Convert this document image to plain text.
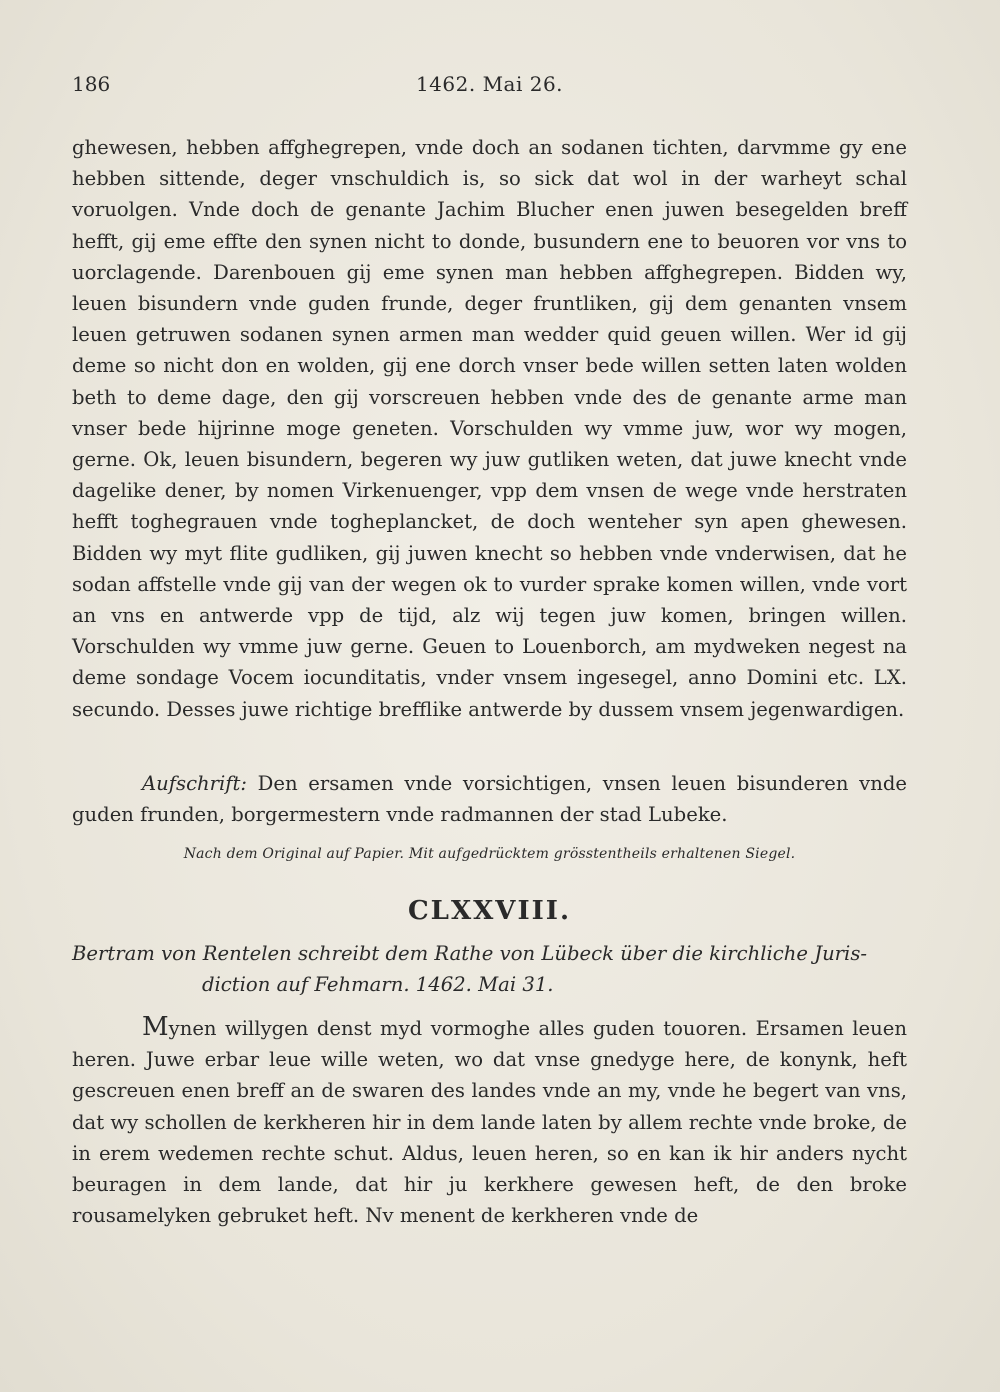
186	1462. Mai 26.

ghewesen, hebben affghegrepen, vnde doch an sodanen tichten, darvmme gy ene hebben sittende, deger vnschuldich is, so sick dat wol in der warheyt schal voruolgen. Vnde doch de genante Jachim Blucher enen juwen besegelden breff hefft, gij eme effte den synen nicht to donde, busundern ene to beuoren vor vns to uorclagende. Darenbouen gij eme synen man hebben affghegrepen. Bidden wy, leuen bisundern vnde guden frunde, deger fruntliken, gij dem genanten vnsem leuen getruwen sodanen synen armen man wedder quid geuen willen. Wer id gij deme so nicht don en wolden, gij ene dorch vnser bede willen setten laten wolden beth to deme dage, den gij vorscreuen hebben vnde des de genante arme man vnser bede hijrinne moge geneten. Vorschulden wy vmme juw, wor wy mogen, gerne. Ok, leuen bisundern, begeren wy juw gutliken weten, dat juwe knecht vnde dagelike dener, by nomen Virkenuenger, vpp dem vnsen de wege vnde herstraten hefft toghegrauen vnde togheplancket, de doch wenteher syn apen ghewesen. Bidden wy myt flite gudliken, gij juwen knecht so hebben vnde vnderwisen, dat he sodan affstelle vnde gij van der wegen ok to vurder sprake komen willen, vnde vort an vns en antwerde vpp de tijd, alz wij tegen juw komen, bringen willen. Vorschulden wy vmme juw gerne. Geuen to Louenborch, am mydweken negest na deme sondage Vocem iocunditatis, vnder vnsem ingesegel, anno Domini etc. LX. secundo. Desses juwe richtige brefflike antwerde by dussem vnsem jegenwardigen.

Aufschrift: Den ersamen vnde vorsichtigen, vnsen leuen bisunderen vnde guden frunden, borgermestern vnde radmannen der stad Lubeke.

Nach dem Original auf Papier. Mit aufgedrücktem grösstentheils erhaltenen Siegel.
CLXXVIII.
Bertram von Rentelen schreibt dem Rathe von Lübeck über die kirchliche Juris-
diction auf Fehmarn. 1462. Mai 31.

Mynen willygen denst myd vormoghe alles guden touoren. Ersamen leuen heren. Juwe erbar leue wille weten, wo dat vnse gnedyge here, de konynk, heft gescreuen enen breff an de swaren des landes vnde an my, vnde he begert van vns, dat wy schollen de kerkheren hir in dem lande laten by allem rechte vnde broke, de in erem wedemen rechte schut. Aldus, leuen heren, so en kan ik hir anders nycht beuragen in dem lande, dat hir ju kerkhere gewesen heft, de den broke rousamelyken gebruket heft. Nv menent de kerkheren vnde de
